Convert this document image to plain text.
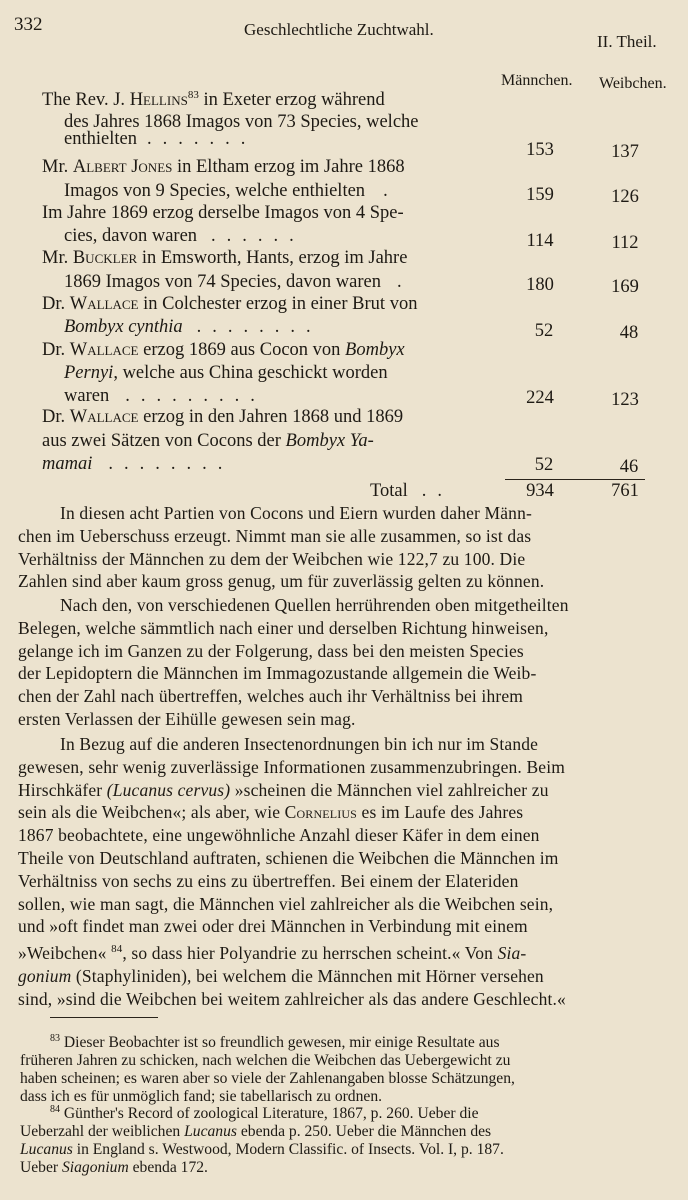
332	Geschlechtliche Zuchtwahl.
II. Theil.
Männchen. Weibchen.
The Rev. J. Hellins$^{83}$ in Exeter erzog während
des Jahres 1868 Imagos von 73 Species, welche
enthielten .......
153	137
Mr. Albert Jones in Eltham erzog im Jahre 1868
Imagos von 9 Species, welche enthielten .	159	126
Im Jahre 1869 erzog derselbe Imagos von 4 Spe-
cies, davon waren ......	114	112
Mr. Buckler in Emsworth, Hants, erzog im Jahre
1869 Imagos von 74 Species, davon waren .	180	169
Dr. Wallace in Colchester erzog in einer Brut von
Bombyx cynthia ........	52	48
Dr. Wallace erzog 1869 aus Cocon von Bombyx
Pernyi, welche aus China geschickt worden
waren .........	224	123
Dr. Wallace erzog in den Jahren 1868 und 1869
aus zwei Sätzen von Cocons der Bombyx Ya-
mamai ........	52	46
Total ..	934	761
In diesen acht Partien von Cocons und Eiern wurden daher Männ-
chen im Ueberschuss erzeugt. Nimmt man sie alle zusammen, so ist das
Verhältniss der Männchen zu dem der Weibchen wie 122,7 zu 100. Die
Zahlen sind aber kaum gross genug, um für zuverlässig gelten zu können.
Nach den, von verschiedenen Quellen herrührenden oben mitgetheilten
Belegen, welche sämmtlich nach einer und derselben Richtung hinweisen,
gelange ich im Ganzen zu der Folgerung, dass bei den meisten Species
der Lepidoptern die Männchen im Immagozustande allgemein die Weib-
chen der Zahl nach übertreffen, welches auch ihr Verhältniss bei ihrem
ersten Verlassen der Eihülle gewesen sein mag.
In Bezug auf die anderen Insectenordnungen bin ich nur im Stande
gewesen, sehr wenig zuverlässige Informationen zusammenzubringen. Beim
Hirschkäfer (Lucanus cervus) »scheinen die Männchen viel zahlreicher zu
sein als die Weibchen«; als aber, wie Cornelius es im Laufe des Jahres
1867 beobachtete, eine ungewöhnliche Anzahl dieser Käfer in dem einen
Theile von Deutschland auftraten, schienen die Weibchen die Männchen im
Verhältniss von sechs zu eins zu übertreffen. Bei einem der Elateriden
sollen, wie man sagt, die Männchen viel zahlreicher als die Weibchen sein,
und »oft findet man zwei oder drei Männchen in Verbindung mit einem
»Weibchen« $^{84}$, so dass hier Polyandrie zu herrschen scheint.« Von Sia-
gonium (Staphyliniden), bei welchem die Männchen mit Hörner versehen
sind, »sind die Weibchen bei weitem zahlreicher als das andere Geschlecht.«
$^{83}$ Dieser Beobachter ist so freundlich gewesen, mir einige Resultate aus
früheren Jahren zu schicken, nach welchen die Weibchen das Uebergewicht zu
haben scheinen; es waren aber so viele der Zahlenangaben blosse Schätzungen,
dass ich es für unmöglich fand; sie tabellarisch zu ordnen.
$^{84}$ Günther's Record of zoological Literature, 1867, p. 260. Ueber die
Ueberzahl der weiblichen Lucanus ebenda p. 250. Ueber die Männchen des
Lucanus in England s. Westwood, Modern Classific. of Insects. Vol. I, p. 187.
Ueber Siagonium ebenda 172.
